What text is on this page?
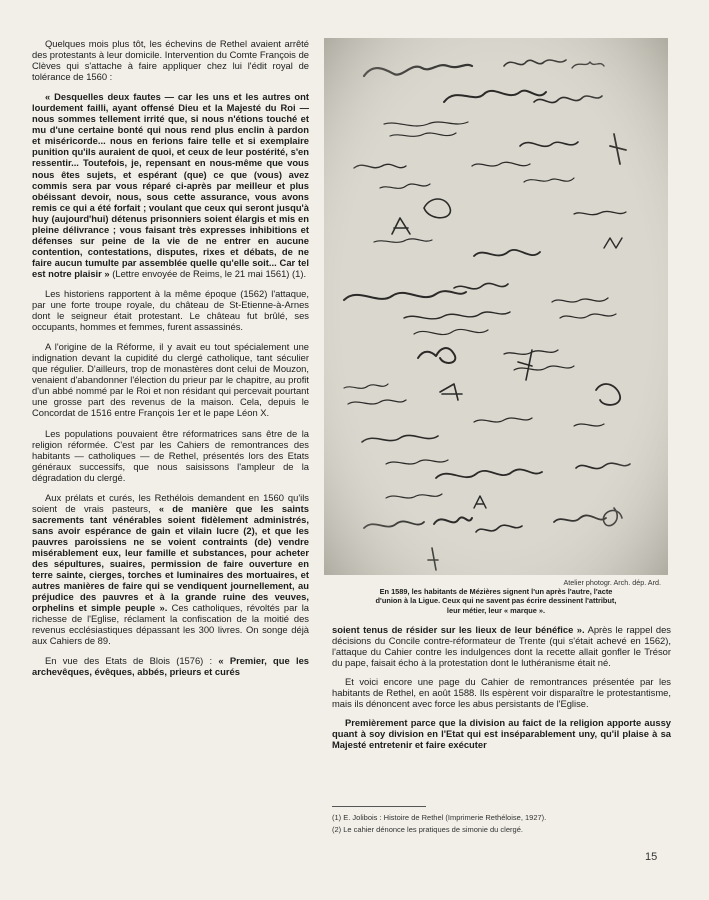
Quelques mois plus tôt, les échevins de Rethel avaient arrêté des protestants à leur domicile. Intervention du Comte François de Clèves qui s'attache à faire appliquer chez lui l'édit royal de tolérance de 1560 :

« Desquelles deux fautes — car les uns et les autres ont lourdement failli, ayant offensé Dieu et la Majesté du Roi — nous sommes tellement irrité que, si nous n'étions touché et mu d'une certaine bonté qui nous rend plus enclin à pardon et miséricorde... nous en ferions faire telle et si exemplaire punition qu'ils auraient de quoi, et ceux de leur postérité, s'en ressentir... Toutefois, je, repensant en nous-même que vous nous êtes sujets, et espérant (que) ce que (vous) avez commis sera par vous réparé ci-après par meilleur et plus obéissant devoir, nous, sous cette assurance, vous avons remis ce qui a été forfait ; voulant que ceux qui seront jusqu'à huy (aujourd'hui) détenus prisonniers soient élargis et mis en pleine délivrance ; vous faisant très expresses inhibitions et défenses sur peine de la vie de ne entrer en aucune contention, contestations, disputes, rixes et débats, de ne faire aucun tumulte par assemblée quelle qu'elle soit... Car tel est notre plaisir » (Lettre envoyée de Reims, le 21 mai 1561) (1).

Les historiens rapportent à la même époque (1562) l'attaque, par une forte troupe royale, du château de St-Etienne-à-Arnes dont le seigneur était protestant. Le château fut brûlé, ses occupants, hommes et femmes, furent assassinés.

A l'origine de la Réforme, il y avait eu tout spécialement une indignation devant la cupidité du clergé catholique, tant séculier que régulier. D'ailleurs, trop de monastères dont celui de Mouzon, venaient d'abandonner l'élection du prieur par le chapitre, au profit d'un abbé nommé par le Roi et non résidant qui percevait pourtant une grosse part des revenus de la maison. Cela, depuis le Concordat de 1516 entre François 1er et le pape Léon X.

Les populations pouvaient être réformatrices sans être de la religion réformée. C'est par les Cahiers de remontrances des habitants — catholiques — de Rethel, présentés lors des Etats généraux successifs, que nous saisissons l'ampleur de la dégradation du clergé.

Aux prélats et curés, les Rethélois demandent en 1560 qu'ils soient de vrais pasteurs, « de manière que les saints sacrements tant vénérables soient fidèlement administrés, sans avoir espérance de gain et vilain lucre (2), et que les pauvres paroissiens ne se voient contraints (de) vendre misérablement eux, leur famille et substances, pour acheter des sépultures, suaires, permission de faire ouverture en terre sainte, cierges, torches et luminaires des mortuaires, et autres manières de faire qui se vendiquent journellement, au préjudice des pauvres et à la grande ruine des veuves, orphelins et simple peuple ». Ces catholiques, révoltés par la richesse de l'Eglise, réclament la confiscation de la moitié des revenus ecclésiastiques dépassant les 300 livres. On songe déjà aux Cahiers de 89.

En vue des Etats de Blois (1576) : « Premier, que les archevêques, évêques, abbés, prieurs et curés

Atelier photogr. Arch. dép. Ard.
En 1589, les habitants de Mézières signent l'un après l'autre, l'acte
d'union à la Ligue. Ceux qui ne savent pas écrire dessinent l'attribut,
leur métier, leur « marque ».

soient tenus de résider sur les lieux de leur bénéfice ». Après le rappel des décisions du Concile contre-réformateur de Trente (qui s'était achevé en 1562), l'attaque du Cahier contre les indulgences dont la recette allait gonfler le Trésor du pape, faisait écho à la protestation dont le luthéranisme était né.

Et voici encore une page du Cahier de remontrances présentée par les habitants de Rethel, en août 1588. Ils espèrent voir disparaître le protestantisme, mais ils dénoncent avec force les abus persistants de l'Eglise.

Premièrement parce que la division au faict de la religion apporte aussy quant à soy division en l'Etat qui est inséparablement uny, qu'il plaise à sa Majesté entretenir et faire exécuter

(1) E. Jolibois : Histoire de Rethel (Imprimerie Rethéloise, 1927).
(2) Le cahier dénonce les pratiques de simonie du clergé.
15
